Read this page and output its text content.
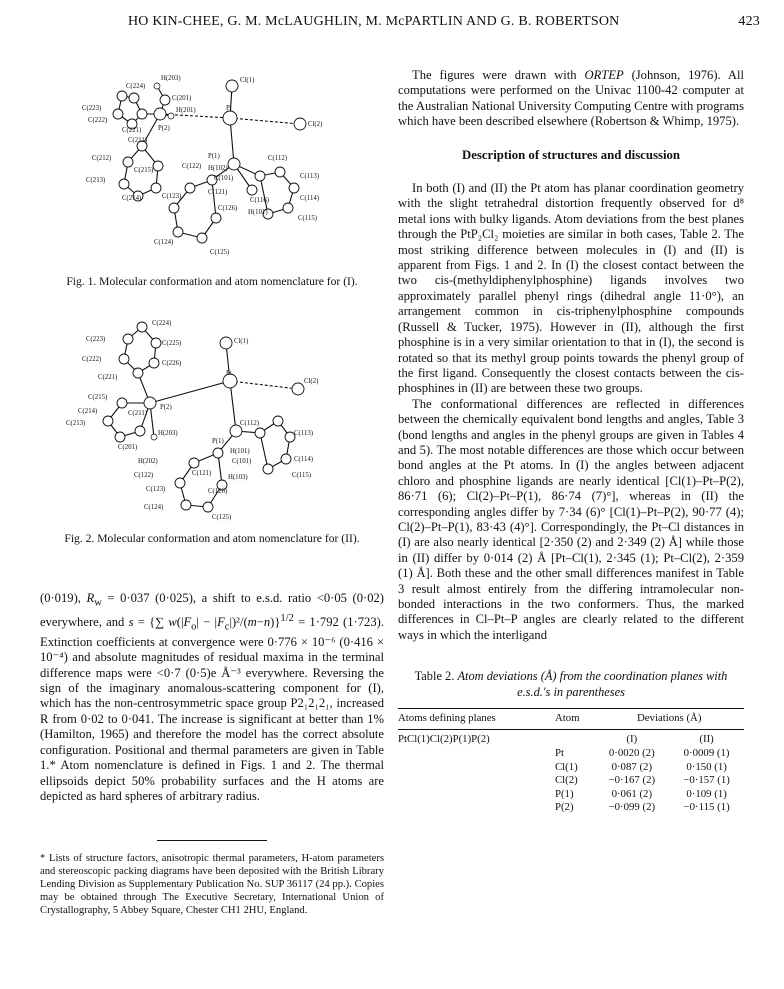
HO KIN-CHEE, G. M. McLAUGHLIN, M. McPARTLIN AND G. B. ROBERTSON	423
H(203)
C(224)
C(201)
C(223)	H(201)
C(222)
C(221) P(2)
Cl(1)
Pt
Cl(2)
C(211)
C(212)
C(215)
C(213)
C(122) H(102)
P(1)	C(112)
C(113)
C(101)
C(121)
C(116)	C(114)
C(214)	C(123)
C(126)
H(101)
C(115)
C(124)
C(125)
Fig. 1. Molecular conformation and atom nomenclature for (I).
C(224)
C(223)
C(225)
C(222)
C(226)
Cl(1)
C(221)
Pt
Cl(2)
C(215)
C(214)
P(2)
C(211)
C(213)
H(203)
C(201)
C(112)
C(113)
P(1)
H(202)
H(101)
C(122)
C(101)	C(114)
C(121)
H(103)	C(115)
C(123)	C(126)
C(124)
C(125)
Fig. 2. Molecular conformation and atom nomenclature for (II).

(0·019), $R_w = 0\cdot 037$ (0·025), a shift to e.s.d. ratio <0·05 (0·02) everywhere, and s = {∑ $w(|F_o| - |F_c|)^2/(m-n)\}^{1/2} = 1\cdot 792$ (1·723). Extinction coefficients at convergence were 0·776 × 10⁻⁶ (0·416 × 10⁻⁴) and absolute magnitudes of residual maxima in the terminal difference maps were <0·7 (0·5)e Å⁻³ everywhere. Reversing the sign of the imaginary anomalous-scattering component for (I), which has the non-centrosymmetric space group P2₁2₁2₁, increased R from 0·02 to 0·041. The increase is significant at better than 1% (Hamilton, 1965) and therefore the model has the correct absolute configuration. Positional and thermal parameters are given in Table 1.* Atom nomenclature is defined in Figs. 1 and 2. The thermal ellipsoids depict 50% probability surfaces and the H atoms are depicted as hard spheres of arbitrary radius.

* Lists of structure factors, anisotropic thermal parameters, H-atom parameters and stereoscopic packing diagrams have been deposited with the British Library Lending Division as Supplementary Publication No. SUP 36117 (24 pp.). Copies may be obtained through The Executive Secretary, International Union of Crystallography, 5 Abbey Square, Chester CH1 2HU, England.

The figures were drawn with ORTEP (Johnson, 1976). All computations were performed on the Univac 1100-42 computer at the Australian National University Computing Centre with programs which have been described elsewhere (Robertson & Whimp, 1975).

Description of structures and discussion

In both (I) and (II) the Pt atom has planar coordination geometry with the slight tetrahedral distortion frequently observed for d⁸ metal ions with bulky ligands. Atom deviations from the best planes through the PtP₂Cl₂ moieties are similar in both cases, Table 2. The most striking difference between molecules in (I) and (II) is apparent from Figs. 1 and 2. In (I) the closest contact between the two cis-(methyldiphenylphosphine) ligands involves two approximately parallel phenyl rings (dihedral angle 11·0°), an arrangement common in cis-triphenylphosphine compounds (Russell & Tucker, 1975). However in (II), although the first phosphine is in a very similar orientation to that in (I), the second is rotated so that its methyl group points towards the phenyl group of the first ligand. Consequently the closest contacts between the cis-phosphines in (II) are between these two groups.

The conformational differences are reflected in differences between the chemically equivalent bond lengths and angles, Table 3 (bond lengths and angles in the phenyl groups are given in Tables 4 and 5). The most notable differences are those which occur between bond angles at the Pt atoms. In (I) the angles between adjacent chloro and phosphine ligands are nearly identical [Cl(1)–Pt–P(2), 86·71 (6); Cl(2)–Pt–P(1), 86·74 (7)°], whereas in (II) the corresponding angles differ by 7·34 (6)° [Cl(1)–Pt–P(2), 90·77 (4); Cl(2)–Pt–P(1), 83·43 (4)°]. Correspondingly, the Pt–Cl distances in (I) are also nearly identical [2·350 (2) and 2·349 (2) Å] while those in (II) differ by 0·014 (2) Å [Pt–Cl(1), 2·345 (1); Pt–Cl(2), 2·359 (1) Å]. Both these and the other small differences manifest in Table 3 result almost entirely from the differing intramolecular non-bonded interactions in the two conformers. Thus, the marked differences in Cl–Pt–P angles are clearly related to the different ways in which the interligand

Table 2. Atom deviations (Å) from the coordination planes with e.s.d.'s in parentheses
Atoms defining planes	Atom	Deviations (Å)	
PtCl(1)Cl(2)P(1)P(2)		(I)	(II)
	Pt	0·0020 (2)	0·0009 (1)
	Cl(1)	0·087 (2)	0·150 (1)
	Cl(2)	−0·167 (2)	−0·157 (1)
	P(1)	0·061 (2)	0·109 (1)
	P(2)	−0·099 (2)	−0·115 (1)
